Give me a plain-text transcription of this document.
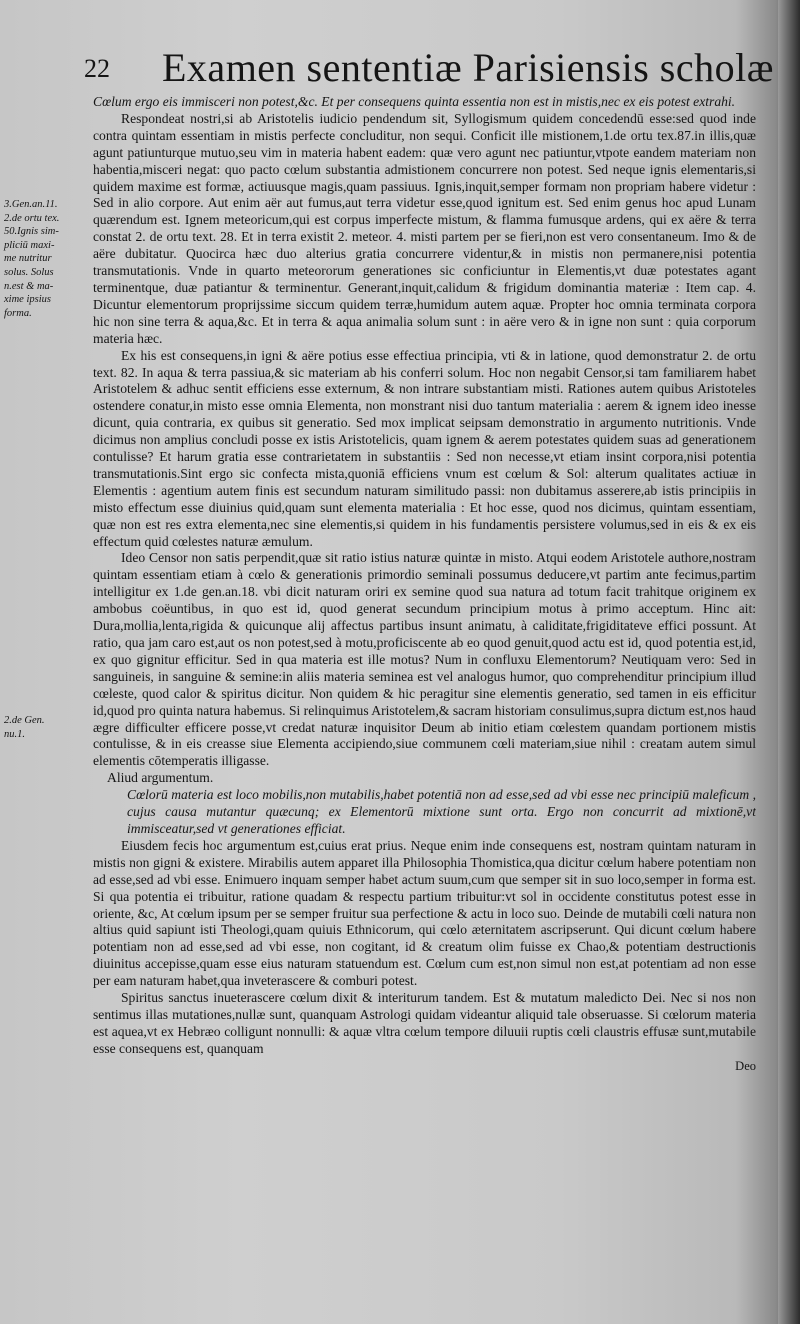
22 Examen sententiæ Parisiensis scholæ
3.Gen.an.11.
2.de ortu tex.
50.Ignis sim-
pliciū maxi-
me nutritur
solus. Solus
n.est & ma-
xime ipsius
forma.
2.de Gen.
nu.1.

Cœlum ergo eis immisceri non potest,&c. Et per consequens quinta essentia non est in mistis,nec ex eis potest extrahi.

Respondeat nostri,si ab Aristotelis iudicio pendendum sit, Syllogismum quidem concedendū esse:sed quod inde contra quintam essentiam in mistis perfecte concluditur, non sequi. Conficit ille mistionem,1.de ortu tex.87.in illis,quæ agunt patiunturque mutuo,seu vim in materia habent eadem: quæ vero agunt nec patiuntur,vtpote eandem materiam non habentia,misceri negat: quo pacto cœlum substantia admistionem concurrere non potest. Sed neque ignis elementaris,si quidem maxime est formæ, actiuusque magis,quam passiuus. Ignis,inquit,semper formam non propriam habere videtur : Sed in alio corpore. Aut enim aër aut fumus,aut terra videtur esse,quod ignitum est. Sed enim genus hoc apud Lunam quærendum est. Ignem meteoricum,qui est corpus imperfecte mistum, & flamma fumusque ardens, qui ex aëre & terra constat 2. de ortu text. 28. Et in terra existit 2. meteor. 4. misti partem per se fieri,non est vero consentaneum. Imo & de aëre dubitatur. Quocirca hæc duo alterius gratia concurrere videntur,& in mistis non permanere,nisi potentia transmutationis. Vnde in quarto meteororum generationes sic conficiuntur in Elementis,vt duæ potestates agant terminentque, duæ patiantur & terminentur. Generant,inquit,calidum & frigidum dominantia materiæ : Item cap. 4. Dicuntur elementorum proprijssime siccum quidem terræ,humidum autem aquæ. Propter hoc omnia terminata corpora hic non sine terra & aqua,&c. Et in terra & aqua animalia solum sunt : in aëre vero & in igne non sunt : quia corporum materia hæc.

Ex his est consequens,in igni & aëre potius esse effectiua principia, vti & in latione, quod demonstratur 2. de ortu text. 82. In aqua & terra passiua,& sic materiam ab his conferri solum. Hoc non negabit Censor,si tam familiarem habet Aristotelem & adhuc sentit efficiens esse externum, & non intrare substantiam misti. Rationes autem quibus Aristoteles ostendere conatur,in misto esse omnia Elementa, non monstrant nisi duo tantum materialia : aerem & ignem ideo inesse dicunt, quia contraria, ex quibus sit generatio. Sed mox implicat seipsam demonstratio in argumento nutritionis. Vnde dicimus non amplius concludi posse ex istis Aristotelicis, quam ignem & aerem potestates quidem suas ad generationem contulisse? Et harum gratia esse contrarietatem in substantiis : Sed non necesse,vt etiam insint corpora,nisi potentia transmutationis.Sint ergo sic confecta mista,quoniā efficiens vnum est cœlum & Sol: alterum qualitates actiuæ in Elementis : agentium autem finis est secundum naturam similitudo passi: non dubitamus asserere,ab istis principiis in misto effectum esse diuinius quid,quam sunt elementa materialia : Et hoc esse, quod nos dicimus, quintam essentiam, quæ non est res extra elementa,nec sine elementis,si quidem in his fundamentis persistere volumus,sed in eis & ex eis effectum quid cœlestes naturæ æmulum.

Ideo Censor non satis perpendit,quæ sit ratio istius naturæ quintæ in misto. Atqui eodem Aristotele authore,nostram quintam essentiam etiam à cœlo & generationis primordio seminali possumus deducere,vt partim ante fecimus,partim intelligitur ex 1.de gen.an.18. vbi dicit naturam oriri ex semine quod sua natura ad totum facit trahitque originem ex ambobus coëuntibus, in quo est id, quod generat secundum principium motus à primo acceptum. Hinc ait: Dura,mollia,lenta,rigida & quicunque alij affectus partibus insunt animatu, à caliditate,frigiditateve effici possunt. At ratio, qua jam caro est,aut os non potest,sed à motu,proficiscente ab eo quod genuit,quod actu est id, quod potentia est,id, ex quo gignitur efficitur. Sed in qua materia est ille motus? Num in confluxu Elementorum? Neutiquam vero: Sed in sanguineis, in sanguine & semine:in aliis materia seminea est vel analogus humor, quo comprehenditur principium illud cœleste, quod calor & spiritus dicitur. Non quidem & hic peragitur sine elementis generatio, sed tamen in eis efficitur id,quod pro quinta natura habemus. Si relinquimus Aristotelem,& sacram historiam consulimus,supra dictum est,nos haud ægre difficulter efficere posse,vt credat naturæ inquisitor Deum ab initio etiam cœlestem quandam portionem mistis contulisse, & in eis creasse siue Elementa accipiendo,siue communem cœli materiam,siue nihil : creatam autem simul elementis cōtemperatis illigasse.

Aliud argumentum.

Cœlorū materia est loco mobilis,non mutabilis,habet potentiā non ad esse,sed ad vbi esse nec principiū maleficum , cujus causa mutantur quæcunq; ex Elementorū mixtione sunt orta. Ergo non concurrit ad mixtionē,vt immisceatur,sed vt generationes efficiat.

Eiusdem fecis hoc argumentum est,cuius erat prius. Neque enim inde consequens est, nostram quintam naturam in mistis non gigni & existere. Mirabilis autem apparet illa Philosophia Thomistica,qua dicitur cœlum habere potentiam non ad esse,sed ad vbi esse. Enimuero inquam semper habet actum suum,cum que semper sit in suo loco,semper in forma est. Si qua potentia ei tribuitur, ratione quadam & respectu partium tribuitur:vt sol in occidente constitutus potest esse in oriente, &c, At cœlum ipsum per se semper fruitur sua perfectione & actu in loco suo. Deinde de mutabili cœli natura non altius quid sapiunt isti Theologi,quam quiuis Ethnicorum, qui cœlo æternitatem ascripserunt. Qui dicunt cœlum habere potentiam non ad esse,sed ad vbi esse, non cogitant, id & creatum olim fuisse ex Chao,& potentiam destructionis diuinitus accepisse,quam esse eius naturam statuendum est. Cœlum cum est,non simul non est,at potentiam ad non esse per eam naturam habet,qua inveterascere & comburi potest.

Spiritus sanctus inueterascere cœlum dixit & interiturum tandem. Est & mutatum maledicto Dei. Nec si nos non sentimus illas mutationes,nullæ sunt, quanquam Astrologi quidam videantur aliquid tale obseruasse. Si cœlorum materia est aquea,vt ex Hebræo colligunt nonnulli: & aquæ vltra cœlum tempore diluuii ruptis cœli claustris effusæ sunt,mutabile esse consequens est, quanquam

Deo
